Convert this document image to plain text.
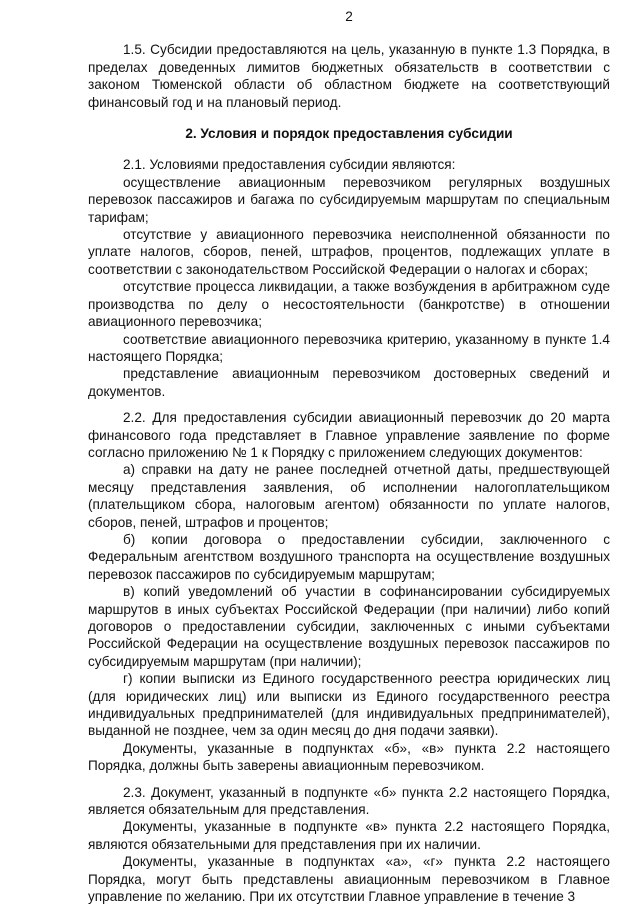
2

1.5. Субсидии предоставляются на цель, указанную в пункте 1.3 Порядка, в пределах доведенных лимитов бюджетных обязательств в соответствии с законом Тюменской области об областном бюджете на соответствующий финансовый год и на плановый период.

2. Условия и порядок предоставления субсидии

2.1. Условиями предоставления субсидии являются:

осуществление авиационным перевозчиком регулярных воздушных перевозок пассажиров и багажа по субсидируемым маршрутам по специальным тарифам;

отсутствие у авиационного перевозчика неисполненной обязанности по уплате налогов, сборов, пеней, штрафов, процентов, подлежащих уплате в соответствии с законодательством Российской Федерации о налогах и сборах;

отсутствие процесса ликвидации, а также возбуждения в арбитражном суде производства по делу о несостоятельности (банкротстве) в отношении авиационного перевозчика;

соответствие авиационного перевозчика критерию, указанному в пункте 1.4 настоящего Порядка;

представление авиационным перевозчиком достоверных сведений и документов.

2.2. Для предоставления субсидии авиационный перевозчик до 20 марта финансового года представляет в Главное управление заявление по форме согласно приложению № 1 к Порядку с приложением следующих документов:

а) справки на дату не ранее последней отчетной даты, предшествующей месяцу представления заявления, об исполнении налогоплательщиком (плательщиком сбора, налоговым агентом) обязанности по уплате налогов, сборов, пеней, штрафов и процентов;

б) копии договора о предоставлении субсидии, заключенного с Федеральным агентством воздушного транспорта на осуществление воздушных перевозок пассажиров по субсидируемым маршрутам;

в) копий уведомлений об участии в софинансировании субсидируемых маршрутов в иных субъектах Российской Федерации (при наличии) либо копий договоров о предоставлении субсидии, заключенных с иными субъектами Российской Федерации на осуществление воздушных перевозок пассажиров по субсидируемым маршрутам (при наличии);

г) копии выписки из Единого государственного реестра юридических лиц (для юридических лиц) или выписки из Единого государственного реестра индивидуальных предпринимателей (для индивидуальных предпринимателей), выданной не позднее, чем за один месяц до дня подачи заявки).

Документы, указанные в подпунктах «б», «в» пункта 2.2 настоящего Порядка, должны быть заверены авиационным перевозчиком.

2.3. Документ, указанный в подпункте «б» пункта 2.2 настоящего Порядка, является обязательным для представления.

Документы, указанные в подпункте «в» пункта 2.2 настоящего Порядка, являются обязательными для представления при их наличии.

Документы, указанные в подпунктах «а», «г» пункта 2.2 настоящего Порядка, могут быть представлены авиационным перевозчиком в Главное управление по желанию. При их отсутствии Главное управление в течение 3
